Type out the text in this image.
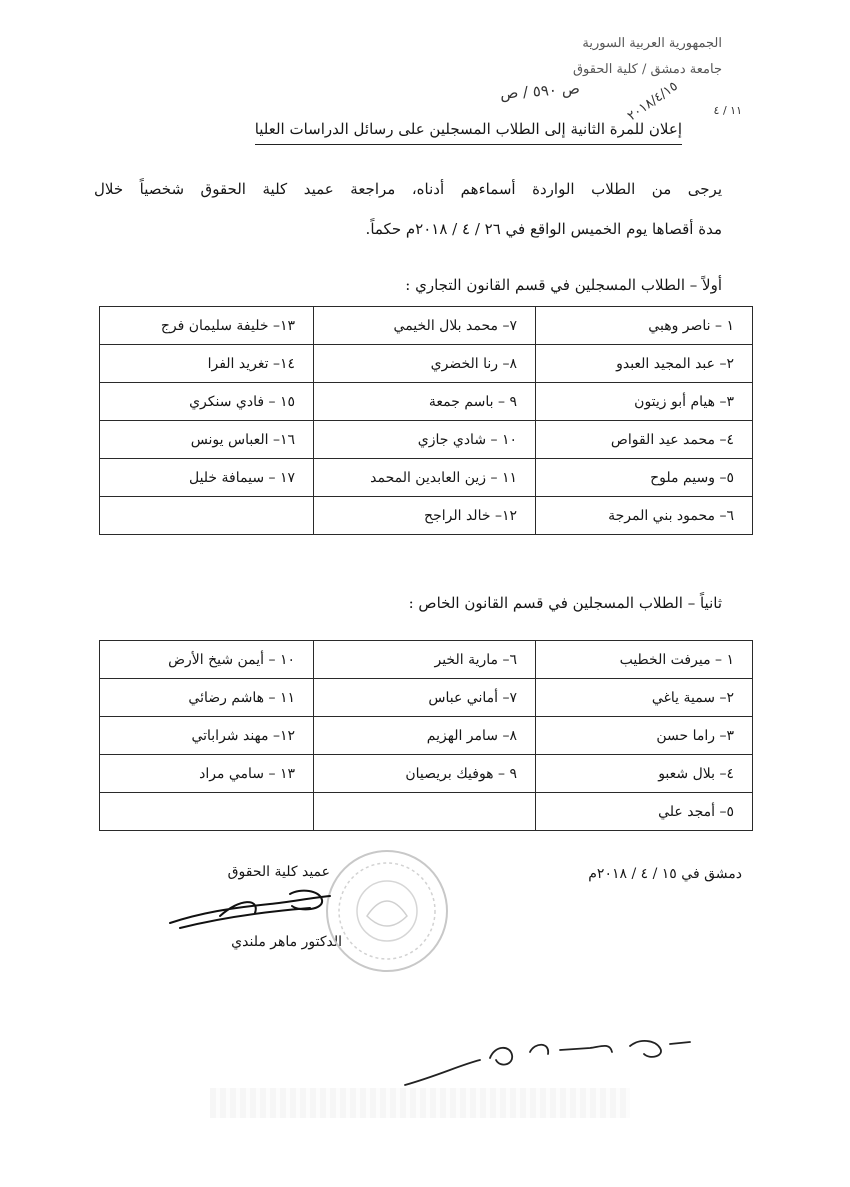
الجمهورية العربية السورية
جامعة دمشق / كلية الحقوق
ص ٥٩٠ / ص	٢٠١٨/٤/١٥	١١ / ٤
إعلان للمرة الثانية إلى الطلاب المسجلين على رسائل الدراسات العليا
يرجى من الطلاب الواردة أسماءهم أدناه، مراجعة عميد كلية الحقوق شخصياً خلال
مدة أقصاها يوم الخميس الواقع في ٢٦ / ٤ / ٢٠١٨م حكماً.
أولاً – الطلاب المسجلين في قسم القانون التجاري :
١ – ناصر وهبي	٧– محمد بلال الخيمي	١٣– خليفة سليمان فرج
٢– عبد المجيد العبدو	٨– رنا الخضري	١٤– تغريد الفرا
٣– هيام أبو زيتون	٩ – باسم جمعة	١٥ – فادي سنكري
٤– محمد عيد القواص	١٠ – شادي جازي	١٦– العباس يونس
٥– وسيم ملوح	١١ – زين العابدين المحمد	١٧ – سيمافة خليل
٦– محمود بني المرجة	١٢– خالد الراجح	
ثانياً – الطلاب المسجلين في قسم القانون الخاص :
١ – ميرفت الخطيب	٦– مارية الخير	١٠ – أيمن شيخ الأرض
٢– سمية ياغي	٧– أماني عباس	١١ – هاشم رضائي
٣– راما حسن	٨– سامر الهزيم	١٢– مهند شراباتي
٤– بلال شعبو	٩ – هوفيك بريصيان	١٣ – سامي مراد
٥– أمجد علي		
دمشق في ١٥ / ٤ / ٢٠١٨م
عميد كلية الحقوق
الدكتور ماهر ملندي
